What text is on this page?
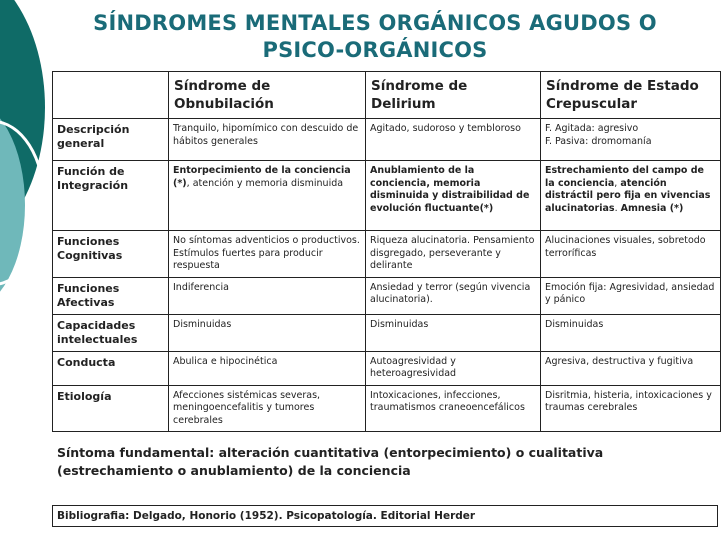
SÍNDROMES MENTALES ORGÁNICOS AGUDOS O
PSICO-ORGÁNICOS
	Síndrome de Obnubilación	Síndrome de Delirium	Síndrome de Estado Crepuscular
Descripción general	Tranquilo, hipomímico con descuido de hábitos generales	Agitado, sudoroso y tembloroso	F. Agitada: agresivo
F. Pasiva: dromomanía

Función de Integración	Entorpecimiento de la conciencia (*), atención y memoria disminuida	Anublamiento de la conciencia, memoria disminuida y distraibilidad de evolución fluctuante(*)	Estrechamiento del campo de la conciencia, atención distráctil pero fija en vivencias alucinatorias. Amnesia (*)
Funciones Cognitivas	No síntomas adventicios o productivos. Estímulos fuertes para producir respuesta	Riqueza alucinatoria. Pensamiento disgregado, perseverante y delirante	Alucinaciones visuales, sobretodo terroríficas
Funciones Afectivas	Indiferencia	Ansiedad y terror (según vivencia alucinatoria).	Emoción fija: Agresividad, ansiedad y pánico
Capacidades intelectuales	Disminuidas	Disminuidas	Disminuidas
Conducta	Abulica e hipocinética	Autoagresividad y heteroagresividad	Agresiva, destructiva y fugitiva
Etiología	Afecciones sistémicas severas, meningoencefalitis y tumores cerebrales	Intoxicaciones, infecciones, traumatismos craneoencefálicos	Disritmia, histeria, intoxicaciones y traumas cerebrales
Síntoma fundamental: alteración cuantitativa (entorpecimiento) o cualitativa (estrechamiento o anublamiento) de la conciencia
Bibliografia: Delgado, Honorio (1952). Psicopatología. Editorial Herder
